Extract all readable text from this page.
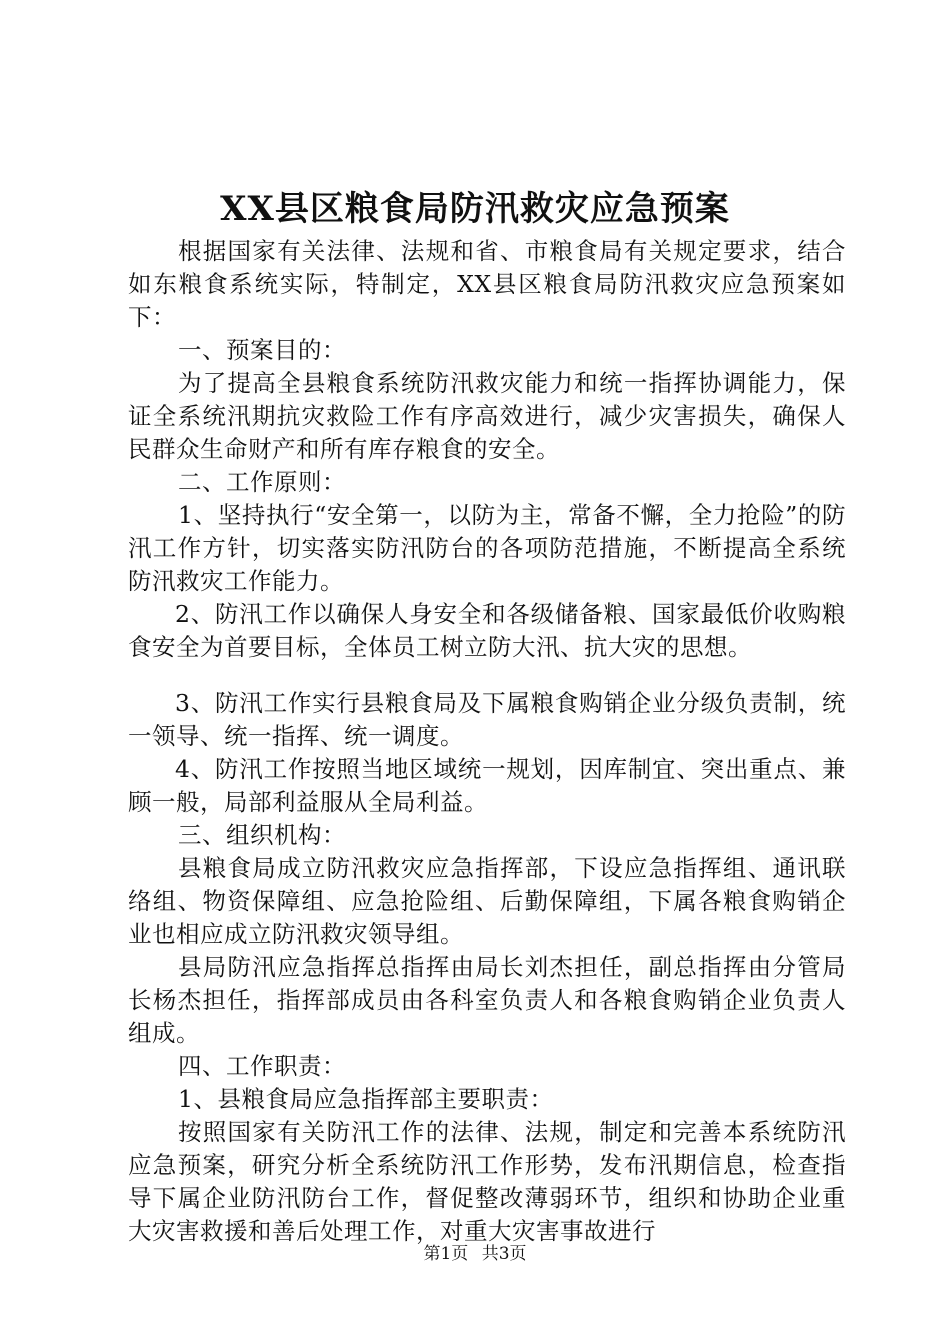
XX县区粮食局防汛救灾应急预案

根据国家有关法律、法规和省、市粮食局有关规定要求，结合如东粮食系统实际，特制定，XX县区粮食局防汛救灾应急预案如下：

一、预案目的：

为了提高全县粮食系统防汛救灾能力和统一指挥协调能力，保证全系统汛期抗灾救险工作有序高效进行，减少灾害损失，确保人民群众生命财产和所有库存粮食的安全。

二、工作原则：

1、坚持执行“安全第一，以防为主，常备不懈，全力抢险”的防汛工作方针，切实落实防汛防台的各项防范措施，不断提高全系统防汛救灾工作能力。

2、防汛工作以确保人身安全和各级储备粮、国家最低价收购粮食安全为首要目标，全体员工树立防大汛、抗大灾的思想。

3、防汛工作实行县粮食局及下属粮食购销企业分级负责制，统一领导、统一指挥、统一调度。

4、防汛工作按照当地区域统一规划，因库制宜、突出重点、兼顾一般，局部利益服从全局利益。

三、组织机构：

县粮食局成立防汛救灾应急指挥部，下设应急指挥组、通讯联络组、物资保障组、应急抢险组、后勤保障组，下属各粮食购销企业也相应成立防汛救灾领导组。

县局防汛应急指挥总指挥由局长刘杰担任，副总指挥由分管局长杨杰担任，指挥部成员由各科室负责人和各粮食购销企业负责人组成。

四、工作职责：

1、县粮食局应急指挥部主要职责：

按照国家有关防汛工作的法律、法规，制定和完善本系统防汛应急预案，研究分析全系统防汛工作形势，发布汛期信息，检查指导下属企业防汛防台工作，督促整改薄弱环节，组织和协助企业重大灾害救援和善后处理工作，对重大灾害事故进行

第1页 共3页
